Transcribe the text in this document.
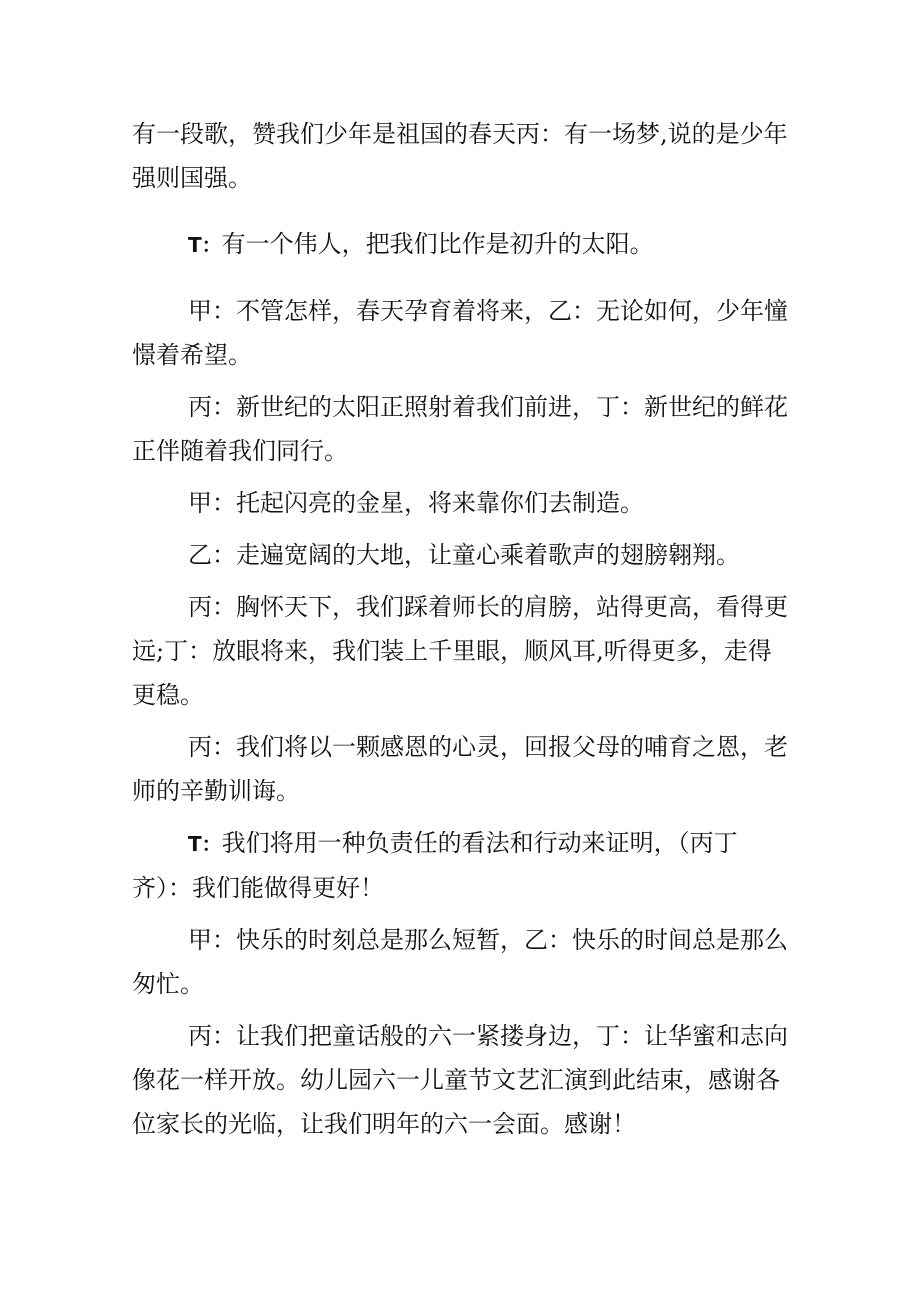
有一段歌，赞我们少年是祖国的春天丙：有一场梦,说的是少年强则国强。

T：有一个伟人，把我们比作是初升的太阳。

甲：不管怎样，春天孕育着将来，乙：无论如何，少年憧憬着希望。

丙：新世纪的太阳正照射着我们前进，丁：新世纪的鲜花正伴随着我们同行。

甲：托起闪亮的金星，将来靠你们去制造。

乙：走遍宽阔的大地，让童心乘着歌声的翅膀翱翔。

丙：胸怀天下，我们踩着师长的肩膀，站得更高，看得更远;丁：放眼将来，我们装上千里眼，顺风耳,听得更多，走得更稳。

丙：我们将以一颗感恩的心灵，回报父母的哺育之恩，老师的辛勤训诲。

T：我们将用一种负责任的看法和行动来证明，（丙丁齐）：我们能做得更好！

甲：快乐的时刻总是那么短暂，乙：快乐的时间总是那么匆忙。

丙：让我们把童话般的六一紧搂身边，丁：让华蜜和志向像花一样开放。幼儿园六一儿童节文艺汇演到此结束，感谢各位家长的光临，让我们明年的六一会面。感谢！
